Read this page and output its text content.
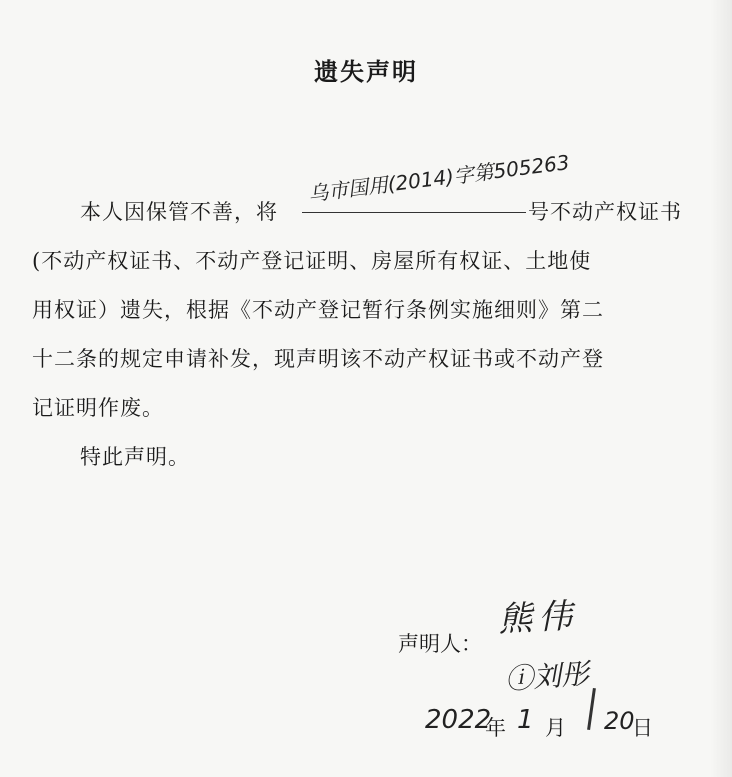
遗失声明
本人因保管不善，将
乌市国用(2014)字第505263
号不动产权证书
(不动产权证书、不动产登记证明、房屋所有权证、土地使
用权证）遗失，根据《不动产登记暂行条例实施细则》第二
十二条的规定申请补发，现声明该不动产权证书或不动产登
记证明作废。
特此声明。
声明人：
熊伟
ⓘ刘彤
2022
年 1 月 20
日
